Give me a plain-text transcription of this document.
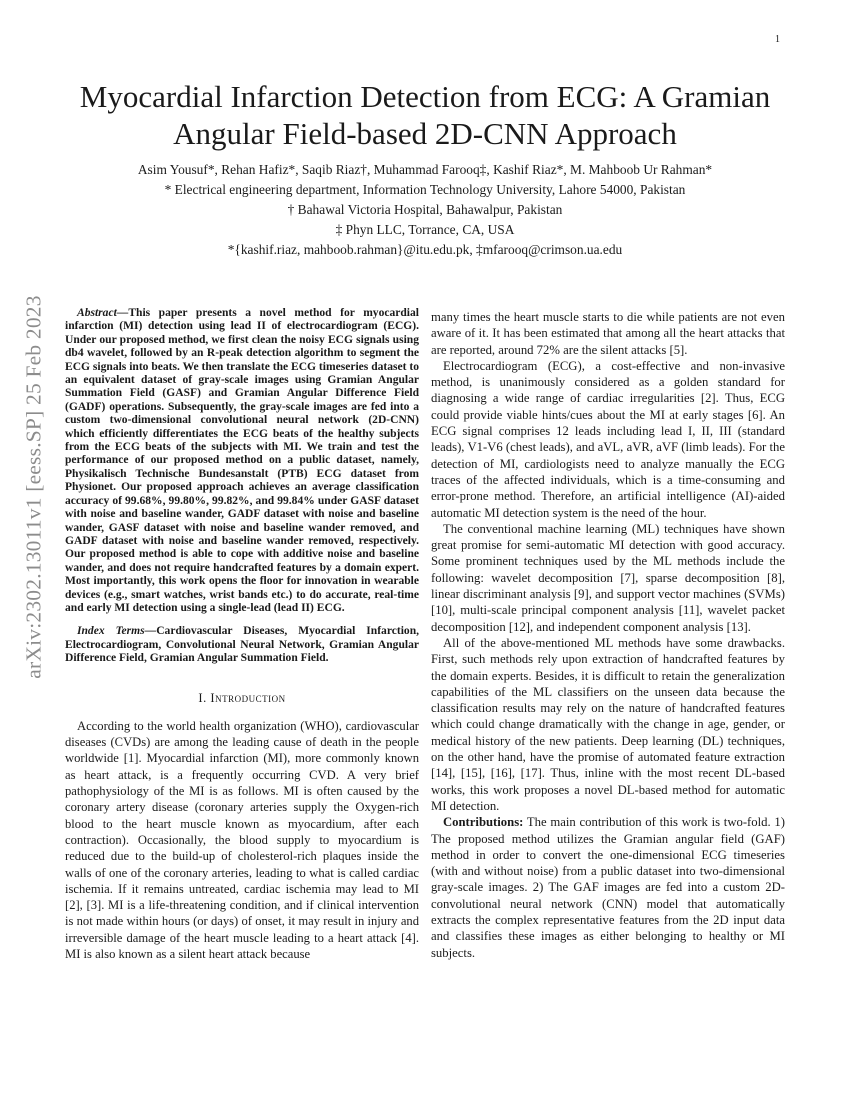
1
arXiv:2302.13011v1 [eess.SP] 25 Feb 2023
Myocardial Infarction Detection from ECG: A Gramian Angular Field-based 2D-CNN Approach
Asim Yousuf*, Rehan Hafiz*, Saqib Riaz†, Muhammad Farooq‡, Kashif Riaz*, M. Mahboob Ur Rahman*
* Electrical engineering department, Information Technology University, Lahore 54000, Pakistan
† Bahawal Victoria Hospital, Bahawalpur, Pakistan
‡ Phyn LLC, Torrance, CA, USA
*{kashif.riaz, mahboob.rahman}@itu.edu.pk, ‡mfarooq@crimson.ua.edu

Abstract—This paper presents a novel method for myocardial infarction (MI) detection using lead II of electrocardiogram (ECG). Under our proposed method, we first clean the noisy ECG signals using db4 wavelet, followed by an R-peak detection algorithm to segment the ECG signals into beats. We then translate the ECG timeseries dataset to an equivalent dataset of gray-scale images using Gramian Angular Summation Field (GASF) and Gramian Angular Difference Field (GADF) operations. Subsequently, the gray-scale images are fed into a custom two-dimensional convolutional neural network (2D-CNN) which efficiently differentiates the ECG beats of the healthy subjects from the ECG beats of the subjects with MI. We train and test the performance of our proposed method on a public dataset, namely, Physikalisch Technische Bundesanstalt (PTB) ECG dataset from Physionet. Our proposed approach achieves an average classification accuracy of 99.68%, 99.80%, 99.82%, and 99.84% under GASF dataset with noise and baseline wander, GADF dataset with noise and baseline wander, GASF dataset with noise and baseline wander removed, and GADF dataset with noise and baseline wander removed, respectively. Our proposed method is able to cope with additive noise and baseline wander, and does not require handcrafted features by a domain expert. Most importantly, this work opens the floor for innovation in wearable devices (e.g., smart watches, wrist bands etc.) to do accurate, real-time and early MI detection using a single-lead (lead II) ECG.

Index Terms—Cardiovascular Diseases, Myocardial Infarction, Electrocardiogram, Convolutional Neural Network, Gramian Angular Difference Field, Gramian Angular Summation Field.

I. Introduction

According to the world health organization (WHO), cardiovascular diseases (CVDs) are among the leading cause of death in the people worldwide [1]. Myocardial infarction (MI), more commonly known as heart attack, is a frequently occurring CVD. A very brief pathophysiology of the MI is as follows. MI is often caused by the coronary artery disease (coronary arteries supply the Oxygen-rich blood to the heart muscle known as myocardium, after each contraction). Occasionally, the blood supply to myocardium is reduced due to the build-up of cholesterol-rich plaques inside the walls of one of the coronary arteries, leading to what is called cardiac ischemia. If it remains untreated, cardiac ischemia may lead to MI [2], [3]. MI is a life-threatening condition, and if clinical intervention is not made within hours (or days) of onset, it may result in injury and irreversible damage of the heart muscle leading to a heart attack [4]. MI is also known as a silent heart attack because

many times the heart muscle starts to die while patients are not even aware of it. It has been estimated that among all the heart attacks that are reported, around 72% are the silent attacks [5].

Electrocardiogram (ECG), a cost-effective and non-invasive method, is unanimously considered as a golden standard for diagnosing a wide range of cardiac irregularities [2]. Thus, ECG could provide viable hints/cues about the MI at early stages [6]. An ECG signal comprises 12 leads including lead I, II, III (standard leads), V1-V6 (chest leads), and aVL, aVR, aVF (limb leads). For the detection of MI, cardiologists need to analyze manually the ECG traces of the affected individuals, which is a time-consuming and error-prone method. Therefore, an artificial intelligence (AI)-aided automatic MI detection system is the need of the hour.

The conventional machine learning (ML) techniques have shown great promise for semi-automatic MI detection with good accuracy. Some prominent techniques used by the ML methods include the following: wavelet decomposition [7], sparse decomposition [8], linear discriminant analysis [9], and support vector machines (SVMs) [10], multi-scale principal component analysis [11], wavelet packet decomposition [12], and independent component analysis [13].

All of the above-mentioned ML methods have some drawbacks. First, such methods rely upon extraction of handcrafted features by the domain experts. Besides, it is difficult to retain the generalization capabilities of the ML classifiers on the unseen data because the classification results may rely on the nature of handcrafted features which could change dramatically with the change in age, gender, or medical history of the new patients. Deep learning (DL) techniques, on the other hand, have the promise of automated feature extraction [14], [15], [16], [17]. Thus, inline with the most recent DL-based works, this work proposes a novel DL-based method for automatic MI detection.

Contributions: The main contribution of this work is two-fold. 1) The proposed method utilizes the Gramian angular field (GAF) method in order to convert the one-dimensional ECG timeseries (with and without noise) from a public dataset into two-dimensional gray-scale images. 2) The GAF images are fed into a custom 2D-convolutional neural network (CNN) model that automatically extracts the complex representative features from the 2D input data and classifies these images as either belonging to healthy or MI subjects.
